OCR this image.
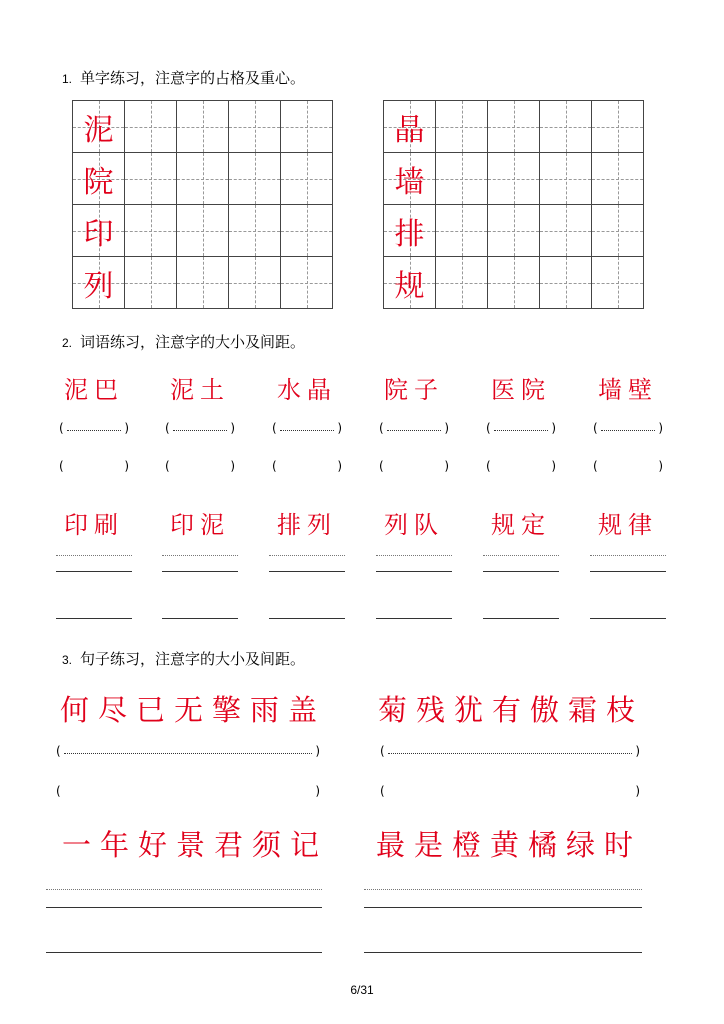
1. 单字练习，注意字的占格及重心。
泥
院
印
列
晶
墙
排
规
2. 词语练习，注意字的大小及间距。
泥巴
(	)
(	)
印刷
泥土
(	)
(	)
印泥
水晶
(	)
(	)
排列
院子
(	)
(	)
列队
医院
(	)
(	)
规定
墙壁
(	)
(	)
规律
3. 句子练习，注意字的大小及间距。
何尽已无擎雨盖 菊残犹有傲霜枝
(	)	(	)
(	)	(	)
一年好景君须记 最是橙黄橘绿时
6/31
